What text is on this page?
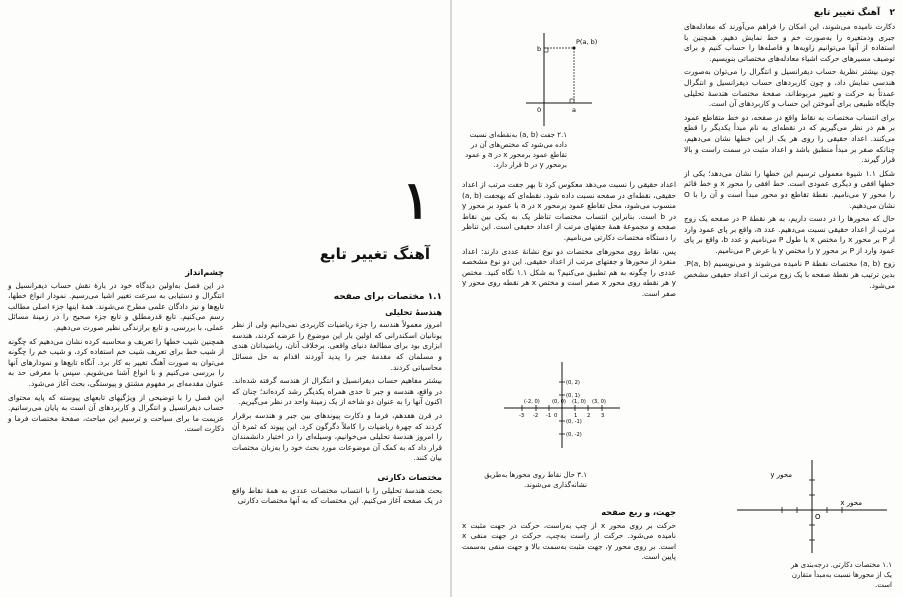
۱
آهنگ تغییر تابع
۱.۱ مختصات برای صفحه
هندسهٔ تحلیلی

امروز معمولاً هندسه را جزء ریاضیات کاربردی نمی‌دانیم ولی از نظر یونانیان اسکندرانی که اولین بار این موضوع را عرضه کردند، هندسه ابزاری بود برای مطالعهٔ دنیای واقعی. برخلاف آنان، ریاضیدانان هندی و مسلمان که مقدمهٔ جبر را پدید آوردند اقدام به حل مسائل محاسباتی کردند.

بیشتر مفاهیم حساب دیفرانسیل و انتگرال از هندسه گرفته شده‌اند. در واقع، هندسه و جبر تا حدی همراه یکدیگر رشد کرده‌اند؛ چنان که اکنون آنها را به عنوان دو شاخه از یک زمینهٔ واحد در نظر می‌گیریم.

در قرن هفدهم، فرما و دکارت پیوندهای بین جبر و هندسه برقرار کردند که چهرهٔ ریاضیات را کاملاً دگرگون کرد. این پیوند که ثمرهٔ آن را امروز هندسهٔ تحلیلی می‌خوانیم، وسیله‌ای را در اختیار دانشمندان قرار داد که به کمک آن موضوعات مورد بحث خود را به‌زبان مختصات بیان کنند.

مختصات دکارتی

بحث هندسهٔ تحلیلی را با انتساب مختصات عددی به همهٔ نقاط واقع در یک صفحه آغاز می‌کنیم. این مختصات که به آنها مختصات دکارتی

چشم‌انداز

در این فصل به‌اولین دیدگاه خود در بارهٔ نقش حساب دیفرانسیل و انتگرال و دستیابی به سرعت تغییر اشیا می‌رسیم. نمودار انواع خطها، تابع‌ها و نیز دادگان علمی مطرح می‌شوند. همهٔ اینها جزء اصلی مطالب رسم می‌کنیم. تابع قدرمطلق و تابع جزء صحیح را در زمینهٔ مسائل عملی، با بررسی، و تابع برازندگی نظیر صورت می‌دهیم.

همچنین شیب خطها را تعریف و محاسبه کرده نشان می‌دهیم که چگونه از شیب خط برای تعریف شیب خم استفاده کرد، و شیب خم را چگونه می‌توان به صورت آهنگ تغییر به کار برد. آنگاه تابع‌ها و نمودارهای آنها را بررسی می‌کنیم و با انواع آشنا می‌شویم. سپس با معرفی حد به عنوان مقدمه‌ای بر مفهوم مشتق و پیوستگی، بحث آغاز می‌شود.

این فصل را با توضیحی از ویژگیهای تابعهای پیوسته که پایه محتوای حساب دیفرانسیل و انتگرال و کاربردهای آن است به پایان می‌رسانیم. عزیمت ما برای سیاحت و ترسیم این مباحث، صفحهٔ مختصات فرما و دکارت است.

۲   آهنگ تغییر تابع

دکارت نامیده می‌شوند، این امکان را فراهم می‌آورند که معادله‌های جبری ودمتغیره را به‌صورت خم و خط نمایش دهیم. همچنین با استفاده از آنها می‌توانیم زاویه‌ها و فاصله‌ها را حساب کنیم و برای توصیف مسیرهای حرکت اشیاء معادله‌های مختصاتی بنویسیم.

چون بیشتر نظریهٔ حساب دیفرانسیل و انتگرال را می‌توان به‌صورت هندسی نمایش داد، و چون کاربردهای حساب دیفرانسیل و انتگرال عمدتاً به حرکت و تغییر مربوط‌اند، صفحهٔ مختصات هندسهٔ تحلیلی جایگاه طبیعی برای آموختن این حساب و کاربردهای آن است.

برای انتساب مختصات به نقاط واقع در صفحه، دو خط متقاطع عمود بر هم در نظر می‌گیریم که در نقطه‌ای به نام مبدأ یکدیگر را قطع می‌کنند. اعداد حقیقی را روی هر یک از این خطها نشان می‌دهیم، چنانکه صفر بر مبدأ منطبق باشد و اعداد مثبت در سمت راست و بالا قرار گیرند.

شکل ۱.۱ شیوهٔ معمولی ترسیم این خطها را نشان می‌دهد؛ یکی از خطها افقی و دیگری عمودی است. خط افقی را محور x و خط قائم را محور y می‌نامیم. نقطهٔ تقاطع دو محور مبدأ است و آن را با O نشان می‌دهیم.

حال که محورها را در دست داریم، به هر نقطهٔ P در صفحه یک زوج مرتب از اعداد حقیقی نسبت می‌دهیم. عدد a، واقع بر پای عمود وارد از P بر محور x را مختص x یا طول P می‌نامیم و عدد b، واقع بر پای عمود وارد از P بر محور y را مختص y یا عرض P می‌نامیم.

زوج (a, b) مختصات نقطهٔ P نامیده می‌شوند و می‌نویسیم P(a, b). بدین ترتیب هر نقطهٔ صفحه با یک زوج مرتب از اعداد حقیقی مشخص می‌شود.

محور x
محور y
O
۱.۱ مختصات دکارتی. درجه‌بندی هر یک از محورها نسبت به‌مبدأ متقارن است.
P(a, b)
a
b
0
۲.۱ جفت (a, b) به‌نقطه‌ای نسبت داده می‌شود که مختص‌های آن در تقاطع عمود برمحور x در a و عمود برمحور y در b قرار دارد.

اعداد حقیقی را نسبت می‌دهد معکوس کرد تا بهر جفت مرتب از اعداد حقیقی، نقطه‌ای در صفحه نسبت داده شود. نقطه‌ای که بهجفت (a, b) منسوب می‌شود، محل تقاطع عمود برمحور x در a با عمود بر محور y در b است. بنابراین انتساب مختصات تناظر یک به یکی بین نقاط صفحه و مجموعهٔ همهٔ جفتهای مرتب از اعداد حقیقی است. این تناظر را دستگاه مختصات دکارتی می‌نامیم.

پس، نقاط روی محورهای مختصات دو نوع نشانهٔ عددی دارند: اعداد منفرد از محورها و جفتهای مرتب از اعداد حقیقی. این دو نوع مشخصه عددی را چگونه به هم تطبیق می‌کنیم؟ به شکل ۱.۱ نگاه کنید. مختص y هر نقطه روی محور x صفر است و مختص x هر نقطه روی محور y صفر است.

(0, 2)
(0, 1)
(-2, 0) (0, 0) (1, 0) (3, 0)
(0, -1)
(0, -2)
-3 -2 -1 0	1 2 3
۳.۱ حال نقاط روی محورها به‌طریق نشانه‌گذاری می‌شوند.
جهت، و ربع صفحه

حرکت بر روی محور x از چپ به‌راست، حرکت در جهت مثبت x نامیده می‌شود. حرکت از راست به‌چپ، حرکت در جهت منفی x است. بر روی محور y، جهت مثبت به‌سمت بالا و جهت منفی به‌سمت پایین است.
